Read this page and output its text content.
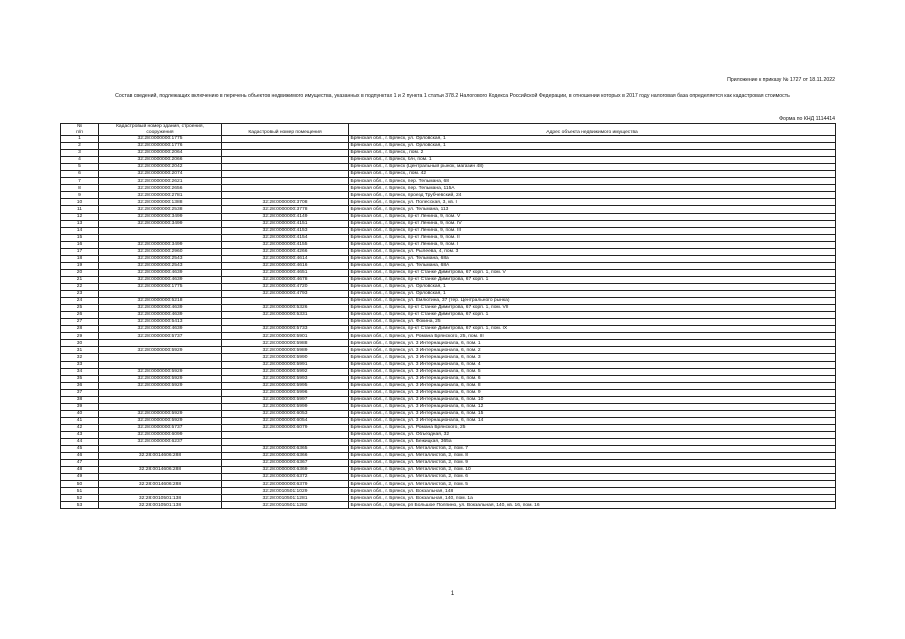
Приложение к приказу № 1727 от 18.11.2022
Состав сведений, подлежащих включению в перечень объектов недвижимого имущества, указанных в подпунктах 1 и 2 пункта 1 статьи 378.2 Налогового Кодекса Российской Федерации, в отношении которых в 2017 году налоговая база определяется как кадастровая стоимость
Форма по КНД 1114414
№
п/п	Кадастровый номер здания, строения, сооружения	Кадастровый номер помещения	Адрес объекта недвижимого имущества
1	32:28:0000000:1775		Брянская обл., г. Брянск, ул. Орловская, 1
2	32:28:0000000:1776		Брянская обл., г. Брянск, ул. Орловская, 1
3	32:28:0000000:2064		Брянская обл., г. Брянск,, пом. 2
4	32:28:0000000:2066		Брянская обл., г. Брянск, б/н, пом. 1
5	32:28:0000000:2042		Брянская обл., г. Брянск (Центральный рынок, магазин 48)
6	32:28:0000000:2074		Брянская обл., г. Брянск,, пом. 42
7	32:28:0000000:2621		Брянская обл., г. Брянск, пер. Тельмана, 68
8	32:28:0000000:2656		Брянская обл., г. Брянск, пер. Тельмана, 115А
9	32:28:0000000:2781		Брянская обл., г. Брянск, проезд Трубчевский, 24
10	32:28:0000000:1388	32:28:0000000:3708	Брянская обл., г. Брянск, ул. Полесская, 3, кв. I
11	32:28:0000000:2538	32:28:0000000:3778	Брянская обл., г. Брянск, ул. Тельмана, 113
12	32:28:0000000:3499	32:28:0000000:4149	Брянская обл., г. Брянск, пр-кт Ленина, 9, пом. V
13	32:28:0000000:3499	32:28:0000000:4151	Брянская обл., г. Брянск, пр-кт Ленина, 9, пом. IV
14		32:28:0000000:4153	Брянская обл., г. Брянск, пр-кт Ленина, 9, пом. III
15		32:28:0000000:4154	Брянская обл., г. Брянск, пр-кт Ленина, 9, пом. II
16	32:28:0000000:3499	32:28:0000000:4155	Брянская обл., г. Брянск, пр-кт Ленина, 9, пом. I
17	32:28:0000000:2960	32:28:0000000:4266	Брянская обл., г. Брянск, ул. Рылеева, 4, пом. 3
18	32:28:0000000:2543	32:28:0000000:4614	Брянская обл., г. Брянск, ул. Тельмана, 68а
19	32:28:0000000:2543	32:28:0000000:4616	Брянская обл., г. Брянск, ул. Тельмана, 68А
20	32:28:0000000:4639	32:28:0000000:4651	Брянская обл., г. Брянск, пр-кт Станке Димитрова, 67 корп. 1, пом. V
21	32:28:0000000:4639	32:28:0000000:4678	Брянская обл., г. Брянск, пр-кт Станке Димитрова, 67 корп. 1
22	32:28:0000000:1775	32:28:0000000:4720	Брянская обл., г. Брянск, ул. Орловская, 1
23		32:28:0000000:4793	Брянская обл., г. Брянск, ул. Орловская, 1
24	32:28:0000000:5218		Брянская обл., г. Брянск, ул. Емлютина, 37 (тер. Центрального рынка)
25	32:28:0000000:4639	32:28:0000000:5326	Брянская обл., г. Брянск, пр-кт Станке Димитрова, 67 корп. 1, пом. VII
26	32:28:0000000:4639	32:28:0000000:5331	Брянская обл., г. Брянск, пр-кт Станке Димитрова, 67 корп. 1
27	32:28:0000000:5413		Брянская обл., г. Брянск, ул. Фокина, 25
28	32:28:0000000:4639	32:28:0000000:5733	Брянская обл., г. Брянск, пр-кт Станке Димитрова, 67 корп. 1, пом. IX
29	32:28:0000000:5737	32:28:0000000:5901	Брянская обл., г. Брянск, ул. Романа Брянского, 25, пом. III
30		32:28:0000000:5988	Брянская обл., г. Брянск, ул. 3 Интернационала, 6, пом. 1
31	32:28:0000000:5929	32:28:0000000:5989	Брянская обл., г. Брянск, ул. 3 Интернационала, 6, пом. 2
32		32:28:0000000:5990	Брянская обл., г. Брянск, ул. 3 Интернационала, 6, пом. 3
33		32:28:0000000:5991	Брянская обл., г. Брянск, ул. 3 Интернационала, 6, пом. 4
34	32:28:0000000:5929	32:28:0000000:5992	Брянская обл., г. Брянск, ул. 3 Интернационала, 6, пом. 5
35	32:28:0000000:5929	32:28:0000000:5993	Брянская обл., г. Брянск, ул. 3 Интернационала, 6, пом. 6
36	32:28:0000000:5929	32:28:0000000:5995	Брянская обл., г. Брянск, ул. 3 Интернационала, 6, пом. 8
37		32:28:0000000:5996	Брянская обл., г. Брянск, ул. 3 Интернационала, 6, пом. 9
38		32:28:0000000:5997	Брянская обл., г. Брянск, ул. 3 Интернационала, 6, пом. 10
39		32:28:0000000:5999	Брянская обл., г. Брянск, ул. 3 Интернационала, 6, пом. 12
40	32:28:0000000:5929	32:28:0000000:6053	Брянская обл., г. Брянск, ул. 3 Интернационала, 6, пом. 15
41	32:28:0000000:5929	32:28:0000000:6054	Брянская обл., г. Брянск, ул. 3 Интернационала, 6, пом. 14
42	32:28:0000000:5737	32:28:0000000:6079	Брянская обл., г. Брянск, ул. Романа Брянского, 25
43	32:28:0000000:6099		Брянская обл., г. Брянск, ул. Объездная, 32
44	32:28:0000000:6237		Брянская обл., г. Брянск, ул. Бежицкая, 365а
45		32:28:0000000:6365	Брянская обл., г. Брянск, ул. Металлистов, 2, пом. 7
46	32:28:0014606:288	32:28:0000000:6366	Брянская обл., г. Брянск, ул. Металлистов, 2, пом. 8
47		32:28:0000000:6367	Брянская обл., г. Брянск, ул. Металлистов, 2, пом. 9
48	32:28:0014606:288	32:28:0000000:6369	Брянская обл., г. Брянск, ул. Металлистов, 2, пом. 10
49		32:28:0000000:6372	Брянская обл., г. Брянск, ул. Металлистов, 2, пом. 6
50	32:28:0014606:288	32:28:0000000:6379	Брянская обл., г. Брянск, ул. Металлистов, 2, пом. 5
51		32:28:0010501:1029	Брянская обл., г. Брянск, ул. Вокзальная, 148
52	32:28:0010501:138	32:28:0010501:1281	Брянская обл., г. Брянск, ул. Вокзальная, 140, пом. 1а
53	32:28:0010501:138	32:28:0010501:1282	Брянская обл., г. Брянск, рп Большое Полпино, ул. Вокзальная, 140, кв. 16, пом. 16
1
